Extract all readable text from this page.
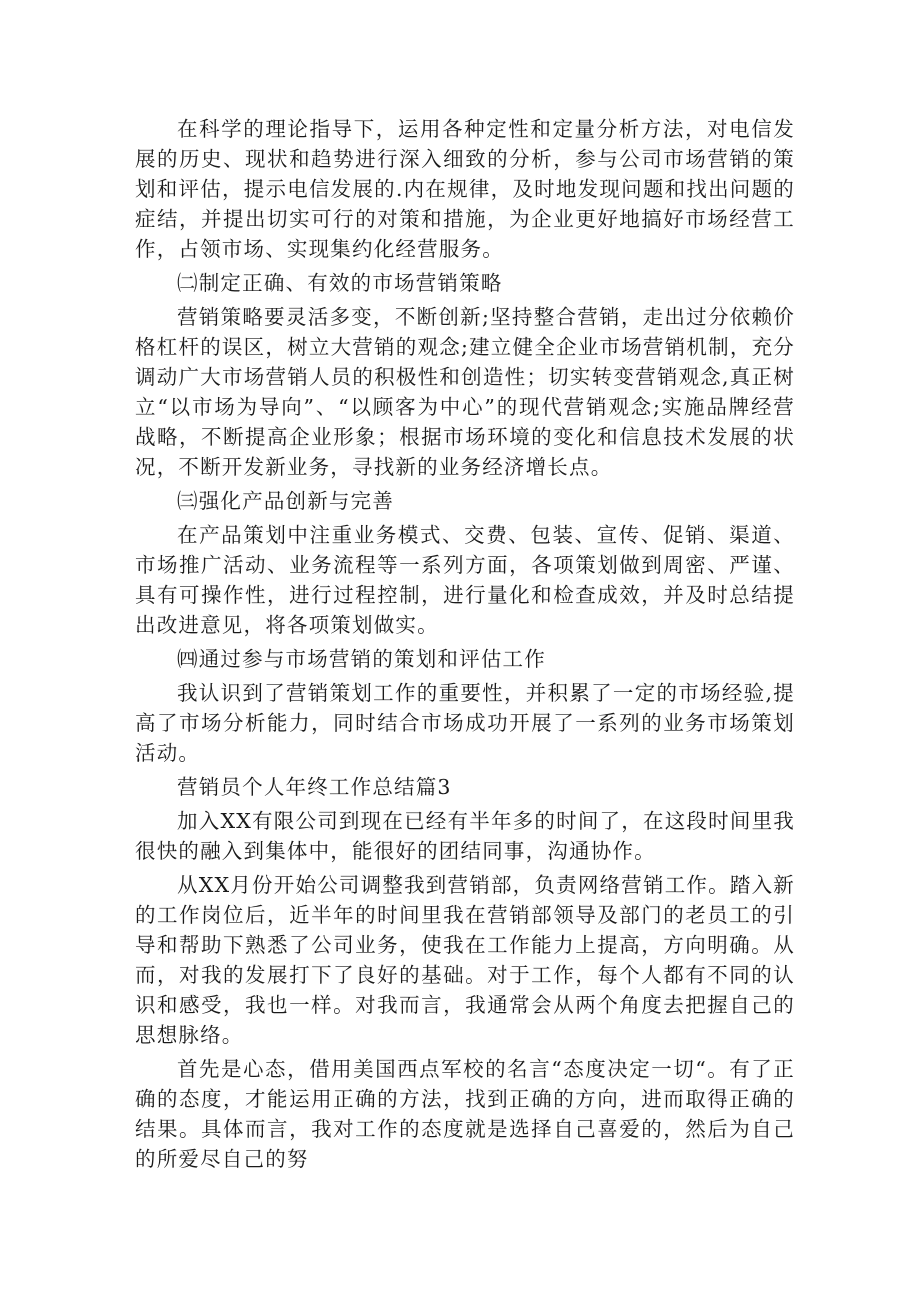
在科学的理论指导下，运用各种定性和定量分析方法，对电信发展的历史、现状和趋势进行深入细致的分析，参与公司市场营销的策划和评估，提示电信发展的.内在规律，及时地发现问题和找出问题的症结，并提出切实可行的对策和措施，为企业更好地搞好市场经营工作，占领市场、实现集约化经营服务。

㈡制定正确、有效的市场营销策略

营销策略要灵活多变，不断创新;坚持整合营销，走出过分依赖价格杠杆的误区，树立大营销的观念;建立健全企业市场营销机制，充分调动广大市场营销人员的积极性和创造性；切实转变营销观念,真正树立“以市场为导向”、“以顾客为中心”的现代营销观念;实施品牌经营战略，不断提高企业形象；根据市场环境的变化和信息技术发展的状况，不断开发新业务，寻找新的业务经济增长点。

㈢强化产品创新与完善

在产品策划中注重业务模式、交费、包装、宣传、促销、渠道、市场推广活动、业务流程等一系列方面，各项策划做到周密、严谨、具有可操作性，进行过程控制，进行量化和检查成效，并及时总结提出改进意见，将各项策划做实。

㈣通过参与市场营销的策划和评估工作

我认识到了营销策划工作的重要性，并积累了一定的市场经验,提高了市场分析能力，同时结合市场成功开展了一系列的业务市场策划活动。

营销员个人年终工作总结篇3

加入XX有限公司到现在已经有半年多的时间了，在这段时间里我很快的融入到集体中，能很好的团结同事，沟通协作。

从XX月份开始公司调整我到营销部，负责网络营销工作。踏入新的工作岗位后，近半年的时间里我在营销部领导及部门的老员工的引导和帮助下熟悉了公司业务，使我在工作能力上提高，方向明确。从而，对我的发展打下了良好的基础。对于工作，每个人都有不同的认识和感受，我也一样。对我而言，我通常会从两个角度去把握自己的思想脉络。

首先是心态，借用美国西点军校的名言“态度决定一切“。有了正确的态度，才能运用正确的方法，找到正确的方向，进而取得正确的结果。具体而言，我对工作的态度就是选择自己喜爱的，然后为自己的所爱尽自己的努
